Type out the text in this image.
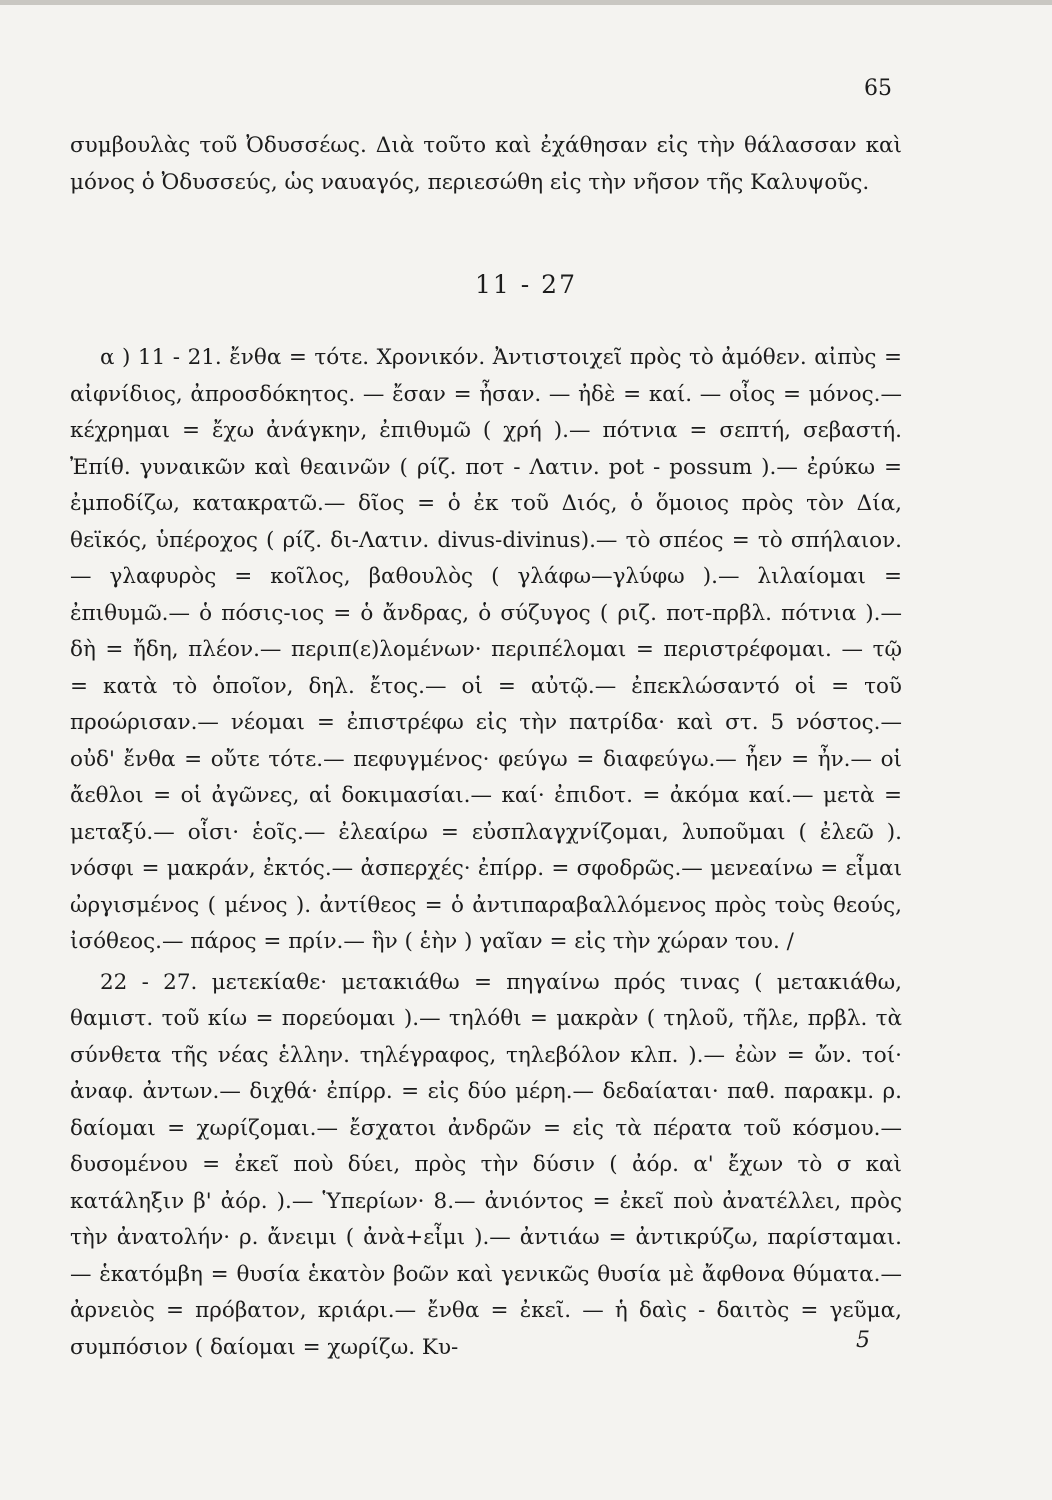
65

συμβουλὰς τοῦ Ὀδυσσέως. Διὰ τοῦτο καὶ ἐχάθησαν εἰς τὴν θάλασσαν καὶ μόνος ὁ Ὀδυσσεύς, ὡς ναυαγός, περιεσώθη εἰς τὴν νῆσον τῆς Καλυψοῦς.

11 - 27

α ) 11 - 21. ἔνθα = τότε. Χρονικόν. Ἀντιστοιχεῖ πρὸς τὸ ἀμόθεν. αἰπὺς = αἰφνίδιος, ἀπροσδόκητος. — ἔσαν = ἦσαν. — ἠδὲ = καί. — οἶος = μόνος.— κέχρημαι = ἔχω ἀνάγκην, ἐπιθυμῶ ( χρή ).— πότνια = σεπτή, σεβαστή. Ἐπίθ. γυναικῶν καὶ θεαινῶν ( ρίζ. ποτ - Λατιν. pot - possum ).— ἐρύκω = ἐμποδίζω, κατακρατῶ.— δῖος = ὁ ἐκ τοῦ Διός, ὁ ὅμοιος πρὸς τὸν Δία, θεϊκός, ὑπέροχος ( ρίζ. δι-Λατιν. divus-divinus).— τὸ σπέος = τὸ σπήλαιον.— γλαφυρὸς = κοῖλος, βαθουλὸς ( γλάφω—γλύφω ).— λιλαίομαι = ἐπιθυμῶ.— ὁ πόσις-ιος = ὁ ἄνδρας, ὁ σύζυγος ( ριζ. ποτ-πρβλ. πότνια ).— δὴ = ἤδη, πλέον.— περιπ(ε)λομένων· περιπέλομαι = περιστρέφομαι. — τῷ = κατὰ τὸ ὁποῖον, δηλ. ἔτος.— οἱ = αὐτῷ.— ἐπεκλώσαντό οἱ = τοῦ προώρισαν.— νέομαι = ἐπιστρέφω εἰς τὴν πατρίδα· καὶ στ. 5 νόστος.— οὐδ' ἔνθα = οὔτε τότε.— πεφυγμένος· φεύγω = διαφεύγω.— ἦεν = ἦν.— οἱ ἄεθλοι = οἱ ἀγῶνες, αἱ δοκιμασίαι.— καί· ἐπιδοτ. = ἀκόμα καί.— μετὰ = μεταξύ.— οἷσι· ἑοῖς.— ἐλεαίρω = εὐσπλαγχνίζομαι, λυποῦμαι ( ἐλεῶ ). νόσφι = μακράν, ἐκτός.— ἀσπερχές· ἐπίρρ. = σφοδρῶς.— μενεαίνω = εἶμαι ὠργισμένος ( μένος ). ἀντίθεος = ὁ ἀντιπαραβαλλόμενος πρὸς τοὺς θεούς, ἰσόθεος.— πάρος = πρίν.— ἣν ( ἑὴν ) γαῖαν = εἰς τὴν χώραν του. /

22 - 27. μετεκίαθε· μετακιάθω = πηγαίνω πρός τινας ( μετακιάθω, θαμιστ. τοῦ κίω = πορεύομαι ).— τηλόθι = μακρὰν ( τηλοῦ, τῆλε, πρβλ. τὰ σύνθετα τῆς νέας ἑλλην. τηλέγραφος, τηλεβόλον κλπ. ).— ἐὼν = ὤν. τοί· ἀναφ. ἀντων.— διχθά· ἐπίρρ. = εἰς δύο μέρη.— δεδαίαται· παθ. παρακμ. ρ. δαίομαι = χωρίζομαι.— ἔσχατοι ἀνδρῶν = εἰς τὰ πέρατα τοῦ κόσμου.— δυσομένου = ἐκεῖ ποὺ δύει, πρὸς τὴν δύσιν ( ἀόρ. α' ἔχων τὸ σ καὶ κατάληξιν β' ἀόρ. ).— Ὑπερίων· 8.— ἀνιόντος = ἐκεῖ ποὺ ἀνατέλλει, πρὸς τὴν ἀνατολήν· ρ. ἄνειμι ( ἀνὰ+εἶμι ).— ἀντιάω = ἀντικρύζω, παρίσταμαι.— ἑκατόμβη = θυσία ἑκατὸν βοῶν καὶ γενικῶς θυσία μὲ ἄφθονα θύματα.— ἀρνειὸς = πρόβατον, κριάρι.— ἔνθα = ἐκεῖ. — ἡ δαὶς - δαιτὸς = γεῦμα, συμπόσιον ( δαίομαι = χωρίζω. Κυ-	5
